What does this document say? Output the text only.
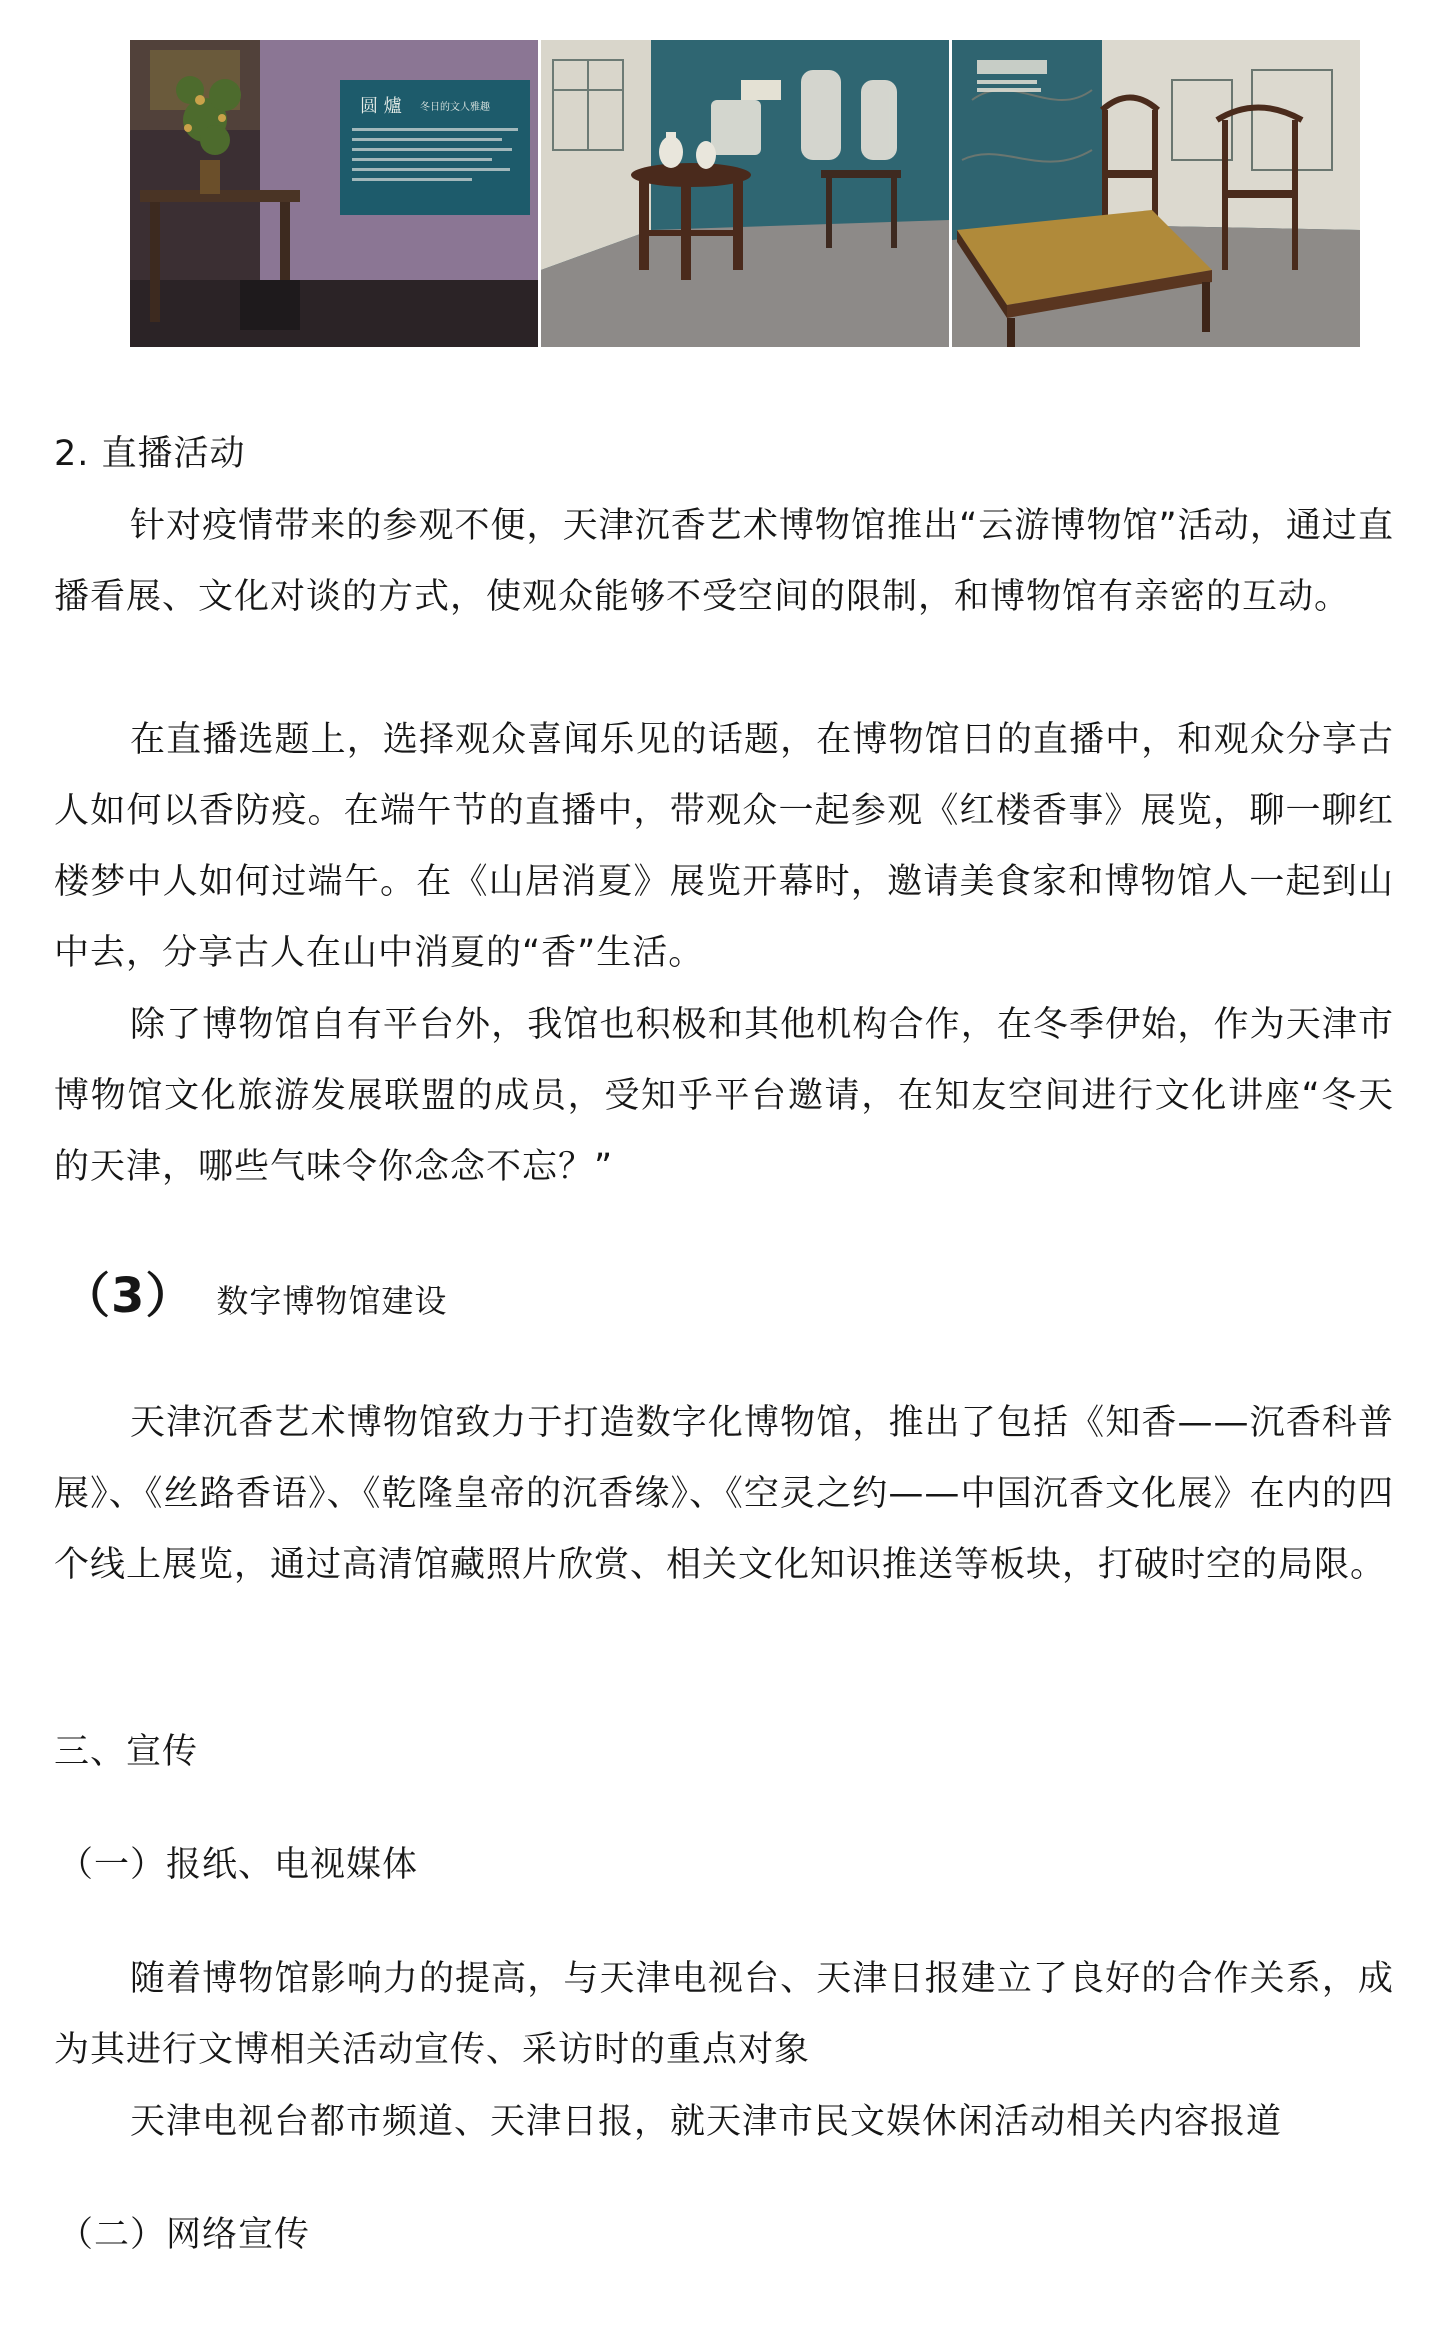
圆 爐 冬日的文人雅趣

2. 直播活动

针对疫情带来的参观不便，天津沉香艺术博物馆推出“云游博物馆”活动，通过直播看展、文化对谈的方式，使观众能够不受空间的限制，和博物馆有亲密的互动。

在直播选题上，选择观众喜闻乐见的话题，在博物馆日的直播中，和观众分享古人如何以香防疫。在端午节的直播中，带观众一起参观《红楼香事》展览，聊一聊红楼梦中人如何过端午。在《山居消夏》展览开幕时，邀请美食家和博物馆人一起到山中去，分享古人在山中消夏的“香”生活。

除了博物馆自有平台外，我馆也积极和其他机构合作，在冬季伊始，作为天津市博物馆文化旅游发展联盟的成员，受知乎平台邀请，在知友空间进行文化讲座“冬天的天津，哪些气味令你念念不忘？”

（3） 数字博物馆建设

天津沉香艺术博物馆致力于打造数字化博物馆，推出了包括《知香——沉香科普展》、《丝路香语》、《乾隆皇帝的沉香缘》、《空灵之约——中国沉香文化展》在内的四个线上展览，通过高清馆藏照片欣赏、相关文化知识推送等板块，打破时空的局限。

三、宣传

（一）报纸、电视媒体

随着博物馆影响力的提高，与天津电视台、天津日报建立了良好的合作关系，成为其进行文博相关活动宣传、采访时的重点对象

天津电视台都市频道、天津日报，就天津市民文娱休闲活动相关内容报道

（二）网络宣传
